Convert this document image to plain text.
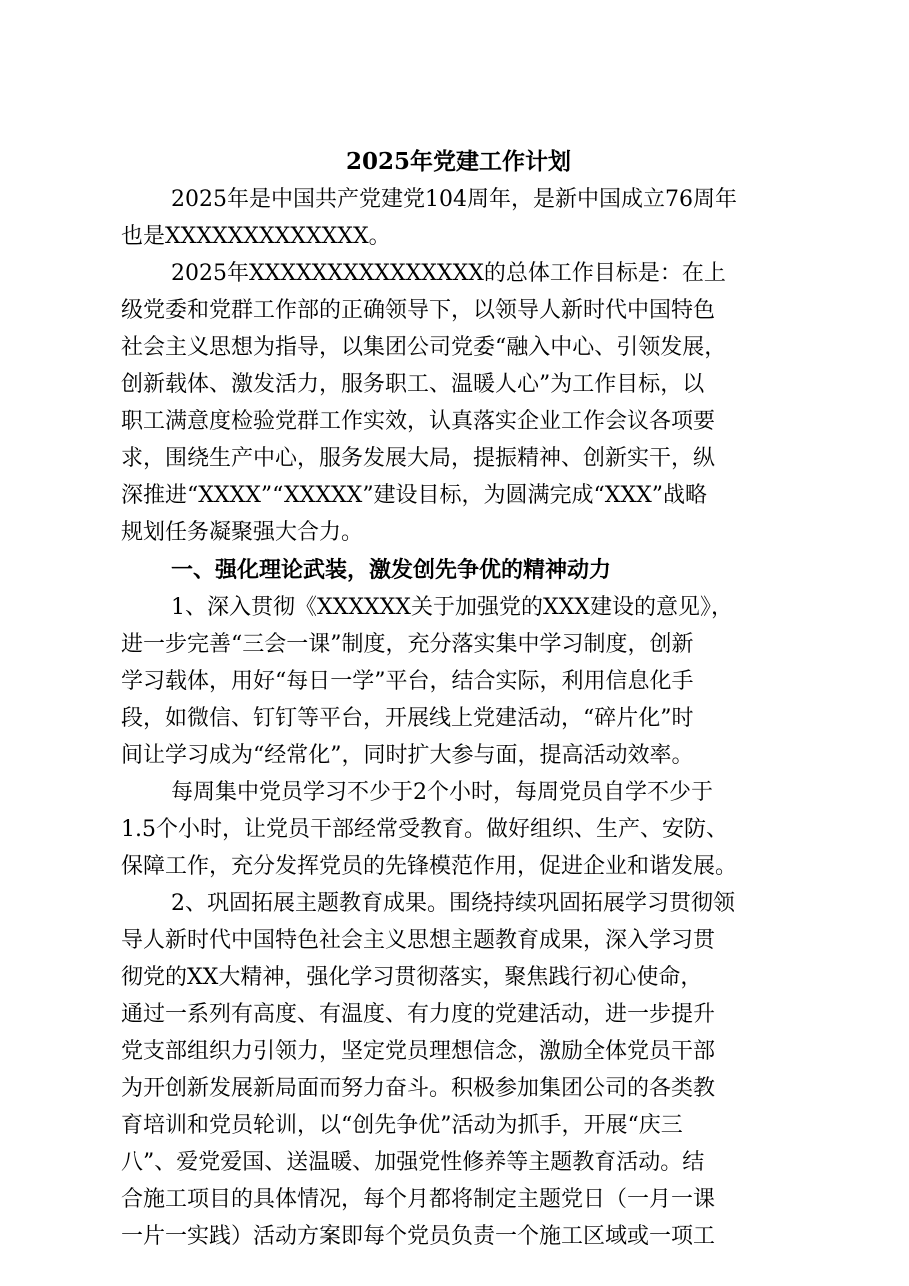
2025年党建工作计划
2025年是中国共产党建党104周年，是新中国成立76周年
也是XXXXXXXXXXXXX。
2025年XXXXXXXXXXXXXXX的总体工作目标是：在上
级党委和党群工作部的正确领导下，以领导人新时代中国特色
社会主义思想为指导，以集团公司党委“融入中心、引领发展，
创新载体、激发活力，服务职工、温暖人心”为工作目标，以
职工满意度检验党群工作实效，认真落实企业工作会议各项要
求，围绕生产中心，服务发展大局，提振精神、创新实干，纵
深推进“XXXX”“XXXXX”建设目标，为圆满完成“XXX”战略
规划任务凝聚强大合力。
一、强化理论武装，激发创先争优的精神动力
1、深入贯彻《XXXXXX关于加强党的XXX建设的意见》，
进一步完善“三会一课”制度，充分落实集中学习制度，创新
学习载体，用好“每日一学”平台，结合实际，利用信息化手
段，如微信、钉钉等平台，开展线上党建活动，“碎片化”时
间让学习成为“经常化”，同时扩大参与面，提高活动效率。
每周集中党员学习不少于2个小时，每周党员自学不少于
1.5个小时，让党员干部经常受教育。做好组织、生产、安防、
保障工作，充分发挥党员的先锋模范作用，促进企业和谐发展。
2、巩固拓展主题教育成果。围绕持续巩固拓展学习贯彻领
导人新时代中国特色社会主义思想主题教育成果，深入学习贯
彻党的XX大精神，强化学习贯彻落实，聚焦践行初心使命，
通过一系列有高度、有温度、有力度的党建活动，进一步提升
党支部组织力引领力，坚定党员理想信念，激励全体党员干部
为开创新发展新局面而努力奋斗。积极参加集团公司的各类教
育培训和党员轮训，以“创先争优”活动为抓手，开展“庆三
八”、爱党爱国、送温暖、加强党性修养等主题教育活动。结
合施工项目的具体情况，每个月都将制定主题党日（一月一课
一片一实践）活动方案即每个党员负责一个施工区域或一项工
